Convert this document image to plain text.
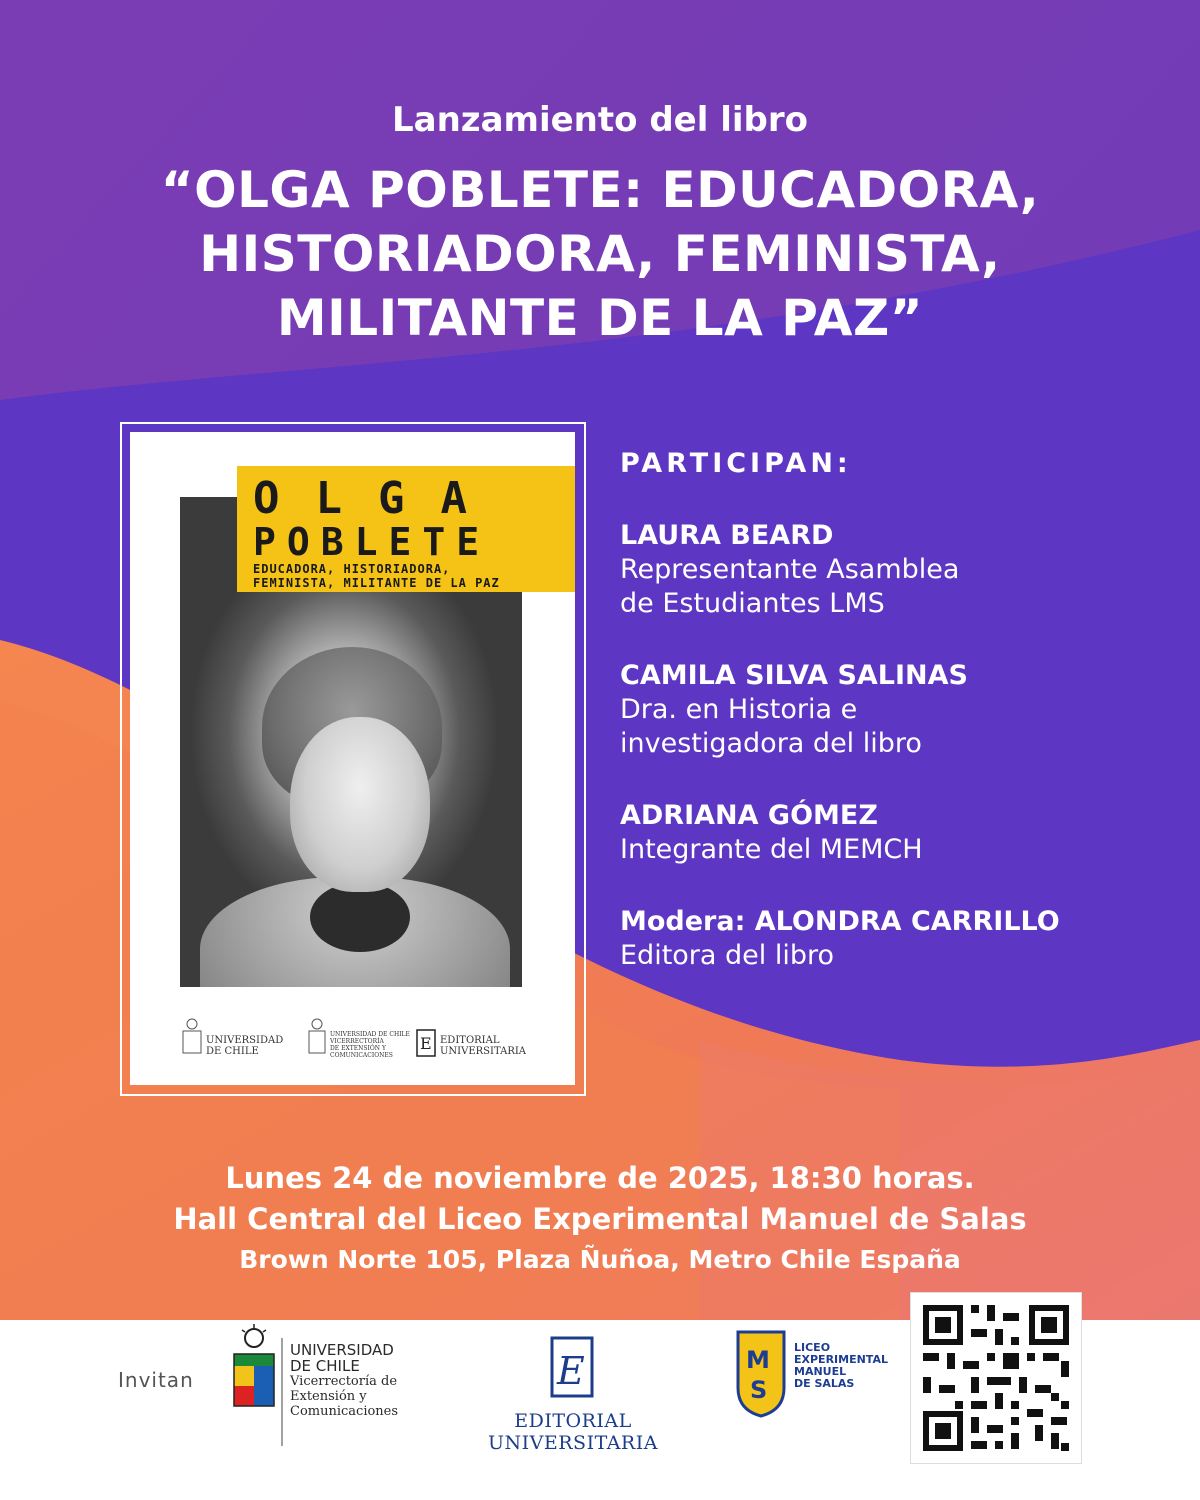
Lanzamiento del libro
“OLGA POBLETE: EDUCADORA,
HISTORIADORA, FEMINISTA,
MILITANTE DE LA PAZ”
OLGA
POBLETE
EDUCADORA, HISTORIADORA,
FEMINISTA, MILITANTE DE LA PAZ
UNIVERSIDAD
DE CHILE
UNIVERSIDAD DE CHILE
VICERRECTORÍA
DE EXTENSIÓN Y
COMUNICACIONES
E EDITORIAL
UNIVERSITARIA
PARTICIPAN:
LAURA BEARD
Representante Asamblea
de Estudiantes LMS
CAMILA SILVA SALINAS
Dra. en Historia e
investigadora del libro
ADRIANA GÓMEZ
Integrante del MEMCH
Modera: ALONDRA CARRILLO
Editora del libro
Lunes 24 de noviembre de 2025, 18:30 horas.
Hall Central del Liceo Experimental Manuel de Salas
Brown Norte 105, Plaza Ñuñoa, Metro Chile España
Invitan
UNIVERSIDAD
DE CHILE
Vicerrectoría de
Extensión y
Comunicaciones
E
EDITORIAL UNIVERSITARIA
M
S
LICEO
EXPERIMENTAL
MANUEL
DE SALAS
